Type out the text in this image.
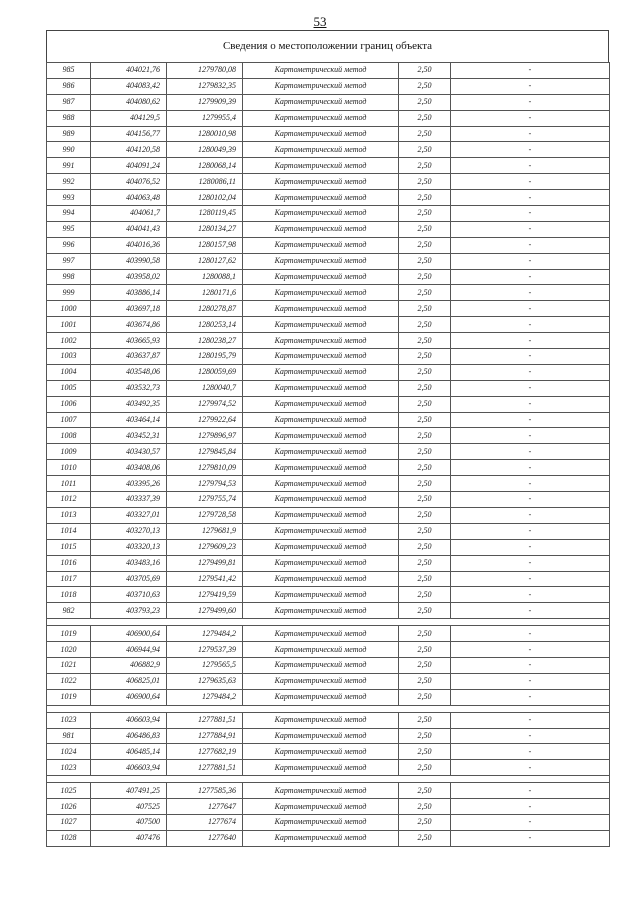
53
Сведения о местоположении границ объекта
985	404021,76	1279780,08	Картометрический метод	2,50	-
986	404083,42	1279832,35	Картометрический метод	2,50	-
987	404080,62	1279909,39	Картометрический метод	2,50	-
988	404129,5	1279955,4	Картометрический метод	2,50	-
989	404156,77	1280010,98	Картометрический метод	2,50	-
990	404120,58	1280049,39	Картометрический метод	2,50	-
991	404091,24	1280068,14	Картометрический метод	2,50	-
992	404076,52	1280086,11	Картометрический метод	2,50	-
993	404063,48	1280102,04	Картометрический метод	2,50	-
994	404061,7	1280119,45	Картометрический метод	2,50	-
995	404041,43	1280134,27	Картометрический метод	2,50	-
996	404016,36	1280157,98	Картометрический метод	2,50	-
997	403990,58	1280127,62	Картометрический метод	2,50	-
998	403958,02	1280088,1	Картометрический метод	2,50	-
999	403886,14	1280171,6	Картометрический метод	2,50	-
1000	403697,18	1280278,87	Картометрический метод	2,50	-
1001	403674,86	1280253,14	Картометрический метод	2,50	-
1002	403665,93	1280238,27	Картометрический метод	2,50	-
1003	403637,87	1280195,79	Картометрический метод	2,50	-
1004	403548,06	1280059,69	Картометрический метод	2,50	-
1005	403532,73	1280040,7	Картометрический метод	2,50	-
1006	403492,35	1279974,52	Картометрический метод	2,50	-
1007	403464,14	1279922,64	Картометрический метод	2,50	-
1008	403452,31	1279896,97	Картометрический метод	2,50	-
1009	403430,57	1279845,84	Картометрический метод	2,50	-
1010	403408,06	1279810,09	Картометрический метод	2,50	-
1011	403395,26	1279794,53	Картометрический метод	2,50	-
1012	403337,39	1279755,74	Картометрический метод	2,50	-
1013	403327,01	1279728,58	Картометрический метод	2,50	-
1014	403270,13	1279681,9	Картометрический метод	2,50	-
1015	403320,13	1279609,23	Картометрический метод	2,50	-
1016	403483,16	1279499,81	Картометрический метод	2,50	-
1017	403705,69	1279541,42	Картометрический метод	2,50	-
1018	403710,63	1279419,59	Картометрический метод	2,50	-
982	403793,23	1279499,60	Картометрический метод	2,50	-

1019	406900,64	1279484,2	Картометрический метод	2,50	-
1020	406944,94	1279537,39	Картометрический метод	2,50	-
1021	406882,9	1279565,5	Картометрический метод	2,50	-
1022	406825,01	1279635,63	Картометрический метод	2,50	-
1019	406900,64	1279484,2	Картометрический метод	2,50	-

1023	406603,94	1277881,51	Картометрический метод	2,50	-
981	406486,83	1277884,91	Картометрический метод	2,50	-
1024	406485,14	1277682,19	Картометрический метод	2,50	-
1023	406603,94	1277881,51	Картометрический метод	2,50	-

1025	407491,25	1277585,36	Картометрический метод	2,50	-
1026	407525	1277647	Картометрический метод	2,50	-
1027	407500	1277674	Картометрический метод	2,50	-
1028	407476	1277640	Картометрический метод	2,50	-
